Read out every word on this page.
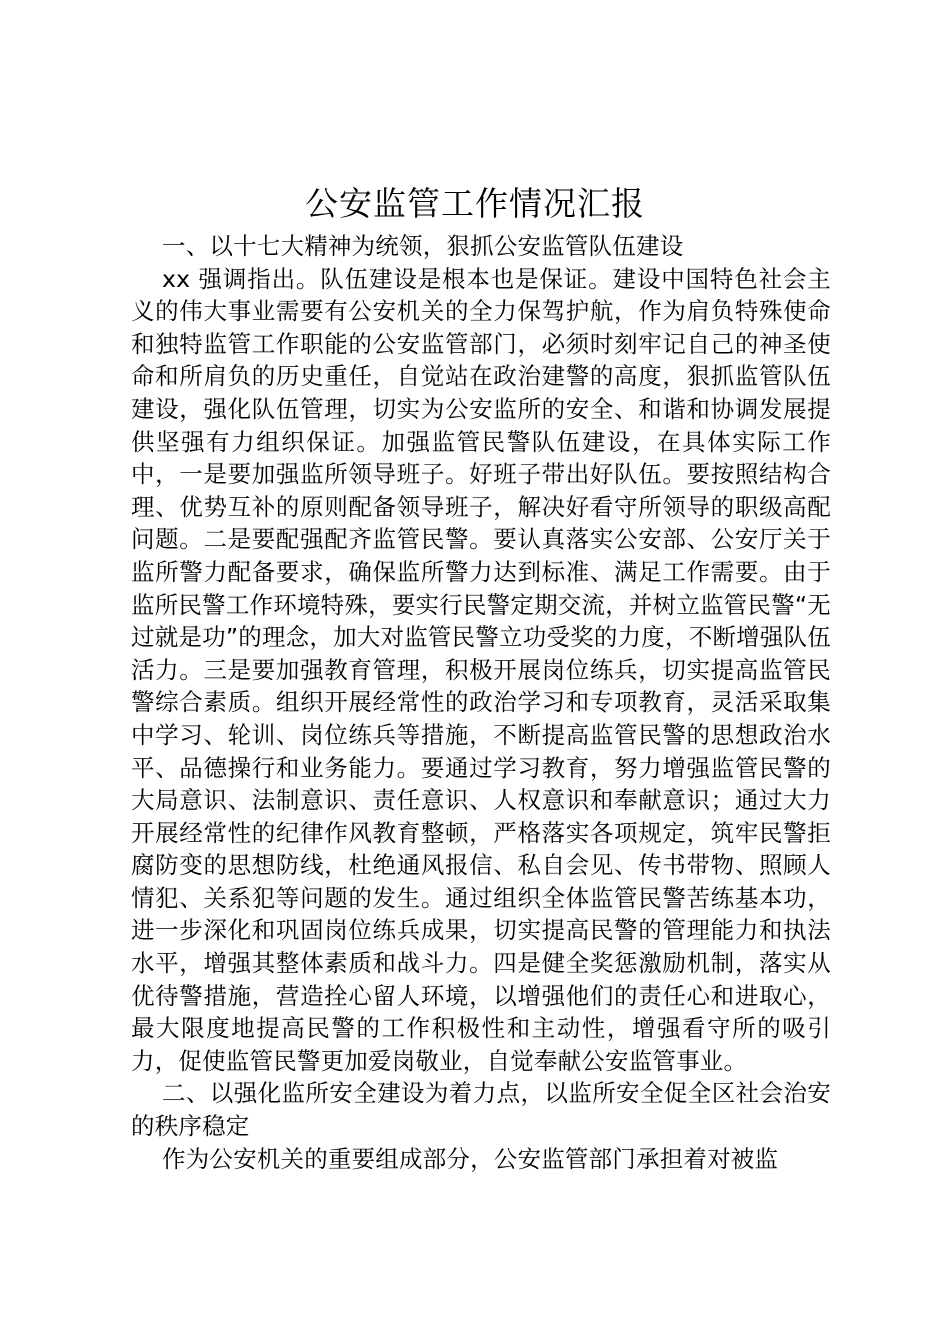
公安监管工作情况汇报

一、以十七大精神为统领，狠抓公安监管队伍建设

xx 强调指出。队伍建设是根本也是保证。建设中国特色社会主义的伟大事业需要有公安机关的全力保驾护航，作为肩负特殊使命和独特监管工作职能的公安监管部门，必须时刻牢记自己的神圣使命和所肩负的历史重任，自觉站在政治建警的高度，狠抓监管队伍建设，强化队伍管理，切实为公安监所的安全、和谐和协调发展提供坚强有力组织保证。加强监管民警队伍建设，在具体实际工作中，一是要加强监所领导班子。好班子带出好队伍。要按照结构合理、优势互补的原则配备领导班子，解决好看守所领导的职级高配问题。二是要配强配齐监管民警。要认真落实公安部、公安厅关于监所警力配备要求，确保监所警力达到标准、满足工作需要。由于监所民警工作环境特殊，要实行民警定期交流，并树立监管民警“无过就是功”的理念，加大对监管民警立功受奖的力度，不断增强队伍活力。三是要加强教育管理，积极开展岗位练兵，切实提高监管民警综合素质。组织开展经常性的政治学习和专项教育，灵活采取集中学习、轮训、岗位练兵等措施，不断提高监管民警的思想政治水平、品德操行和业务能力。要通过学习教育，努力增强监管民警的大局意识、法制意识、责任意识、人权意识和奉献意识；通过大力开展经常性的纪律作风教育整顿，严格落实各项规定，筑牢民警拒腐防变的思想防线，杜绝通风报信、私自会见、传书带物、照顾人情犯、关系犯等问题的发生。通过组织全体监管民警苦练基本功，进一步深化和巩固岗位练兵成果，切实提高民警的管理能力和执法水平，增强其整体素质和战斗力。四是健全奖惩激励机制，落实从优待警措施，营造拴心留人环境，以增强他们的责任心和进取心，最大限度地提高民警的工作积极性和主动性，增强看守所的吸引力，促使监管民警更加爱岗敬业，自觉奉献公安监管事业。

二、以强化监所安全建设为着力点，以监所安全促全区社会治安的秩序稳定

作为公安机关的重要组成部分，公安监管部门承担着对被监
